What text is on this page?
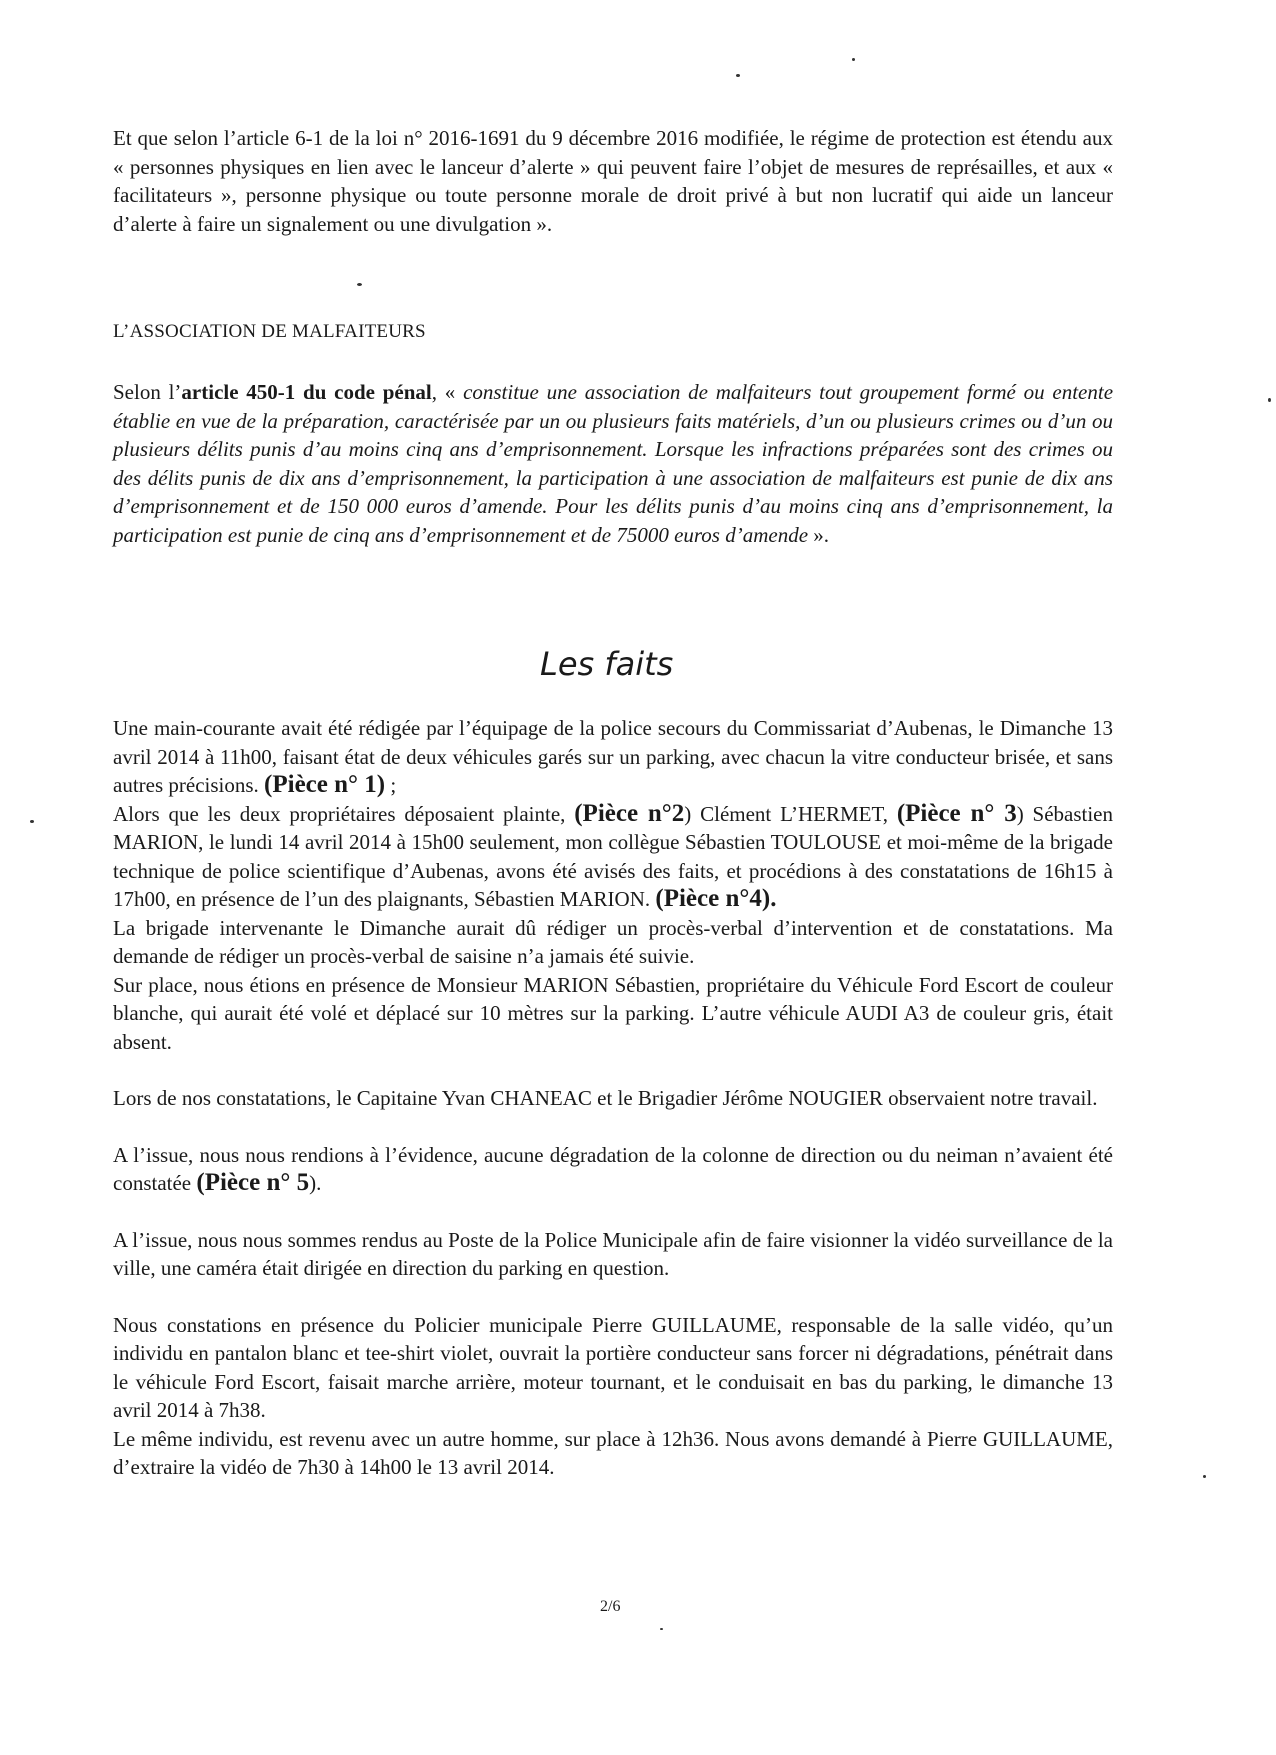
Et que selon l’article 6-1 de la loi n° 2016-1691 du 9 décembre 2016 modifiée, le régime de protection est étendu aux « personnes physiques en lien avec le lanceur d’alerte » qui peuvent faire l’objet de mesures de représailles, et aux « facilitateurs », personne physique ou toute personne morale de droit privé à but non lucratif qui aide un lanceur d’alerte à faire un signalement ou une divulgation ».

L’ASSOCIATION DE MALFAITEURS

Selon l’article 450-1 du code pénal, « constitue une association de malfaiteurs tout groupement formé ou entente établie en vue de la préparation, caractérisée par un ou plusieurs faits matériels, d’un ou plusieurs crimes ou d’un ou plusieurs délits punis d’au moins cinq ans d’emprisonnement. Lorsque les infractions préparées sont des crimes ou des délits punis de dix ans d’emprisonnement, la participation à une association de malfaiteurs est punie de dix ans d’emprisonnement et de 150 000 euros d’amende. Pour les délits punis d’au moins cinq ans d’emprisonnement, la participation est punie de cinq ans d’emprisonnement et de 75000 euros d’amende ».

Les faits

Une main-courante avait été rédigée par l’équipage de la police secours du Commissariat d’Aubenas, le Dimanche 13 avril 2014 à 11h00, faisant état de deux véhicules garés sur un parking, avec chacun la vitre conducteur brisée, et sans autres précisions. (Pièce n° 1) ;

Alors que les deux propriétaires déposaient plainte, (Pièce n°2) Clément L’HERMET, (Pièce n° 3) Sébastien MARION, le lundi 14 avril 2014 à 15h00 seulement, mon collègue Sébastien TOULOUSE et moi-même de la brigade technique de police scientifique d’Aubenas, avons été avisés des faits, et procédions à des constatations de 16h15 à 17h00, en présence de l’un des plaignants, Sébastien MARION. (Pièce n°4).

La brigade intervenante le Dimanche aurait dû rédiger un procès-verbal d’intervention et de constatations. Ma demande de rédiger un procès-verbal de saisine n’a jamais été suivie.

Sur place, nous étions en présence de Monsieur MARION Sébastien, propriétaire du Véhicule Ford Escort de couleur blanche, qui aurait été volé et déplacé sur 10 mètres sur la parking. L’autre véhicule AUDI A3 de couleur gris, était absent.

Lors de nos constatations, le Capitaine Yvan CHANEAC et le Brigadier Jérôme NOUGIER observaient notre travail.

A l’issue, nous nous rendions à l’évidence, aucune dégradation de la colonne de direction ou du neiman n’avaient été constatée (Pièce n° 5).

A l’issue, nous nous sommes rendus au Poste de la Police Municipale afin de faire visionner la vidéo surveillance de la ville, une caméra était dirigée en direction du parking en question.

Nous constations en présence du Policier municipale Pierre GUILLAUME, responsable de la salle vidéo, qu’un individu en pantalon blanc et tee-shirt violet, ouvrait la portière conducteur sans forcer ni dégradations, pénétrait dans le véhicule Ford Escort, faisait marche arrière, moteur tournant, et le conduisait en bas du parking, le dimanche 13 avril 2014 à 7h38.

Le même individu, est revenu avec un autre homme, sur place à 12h36. Nous avons demandé à Pierre GUILLAUME, d’extraire la vidéo de 7h30 à 14h00 le 13 avril 2014.

2/6
